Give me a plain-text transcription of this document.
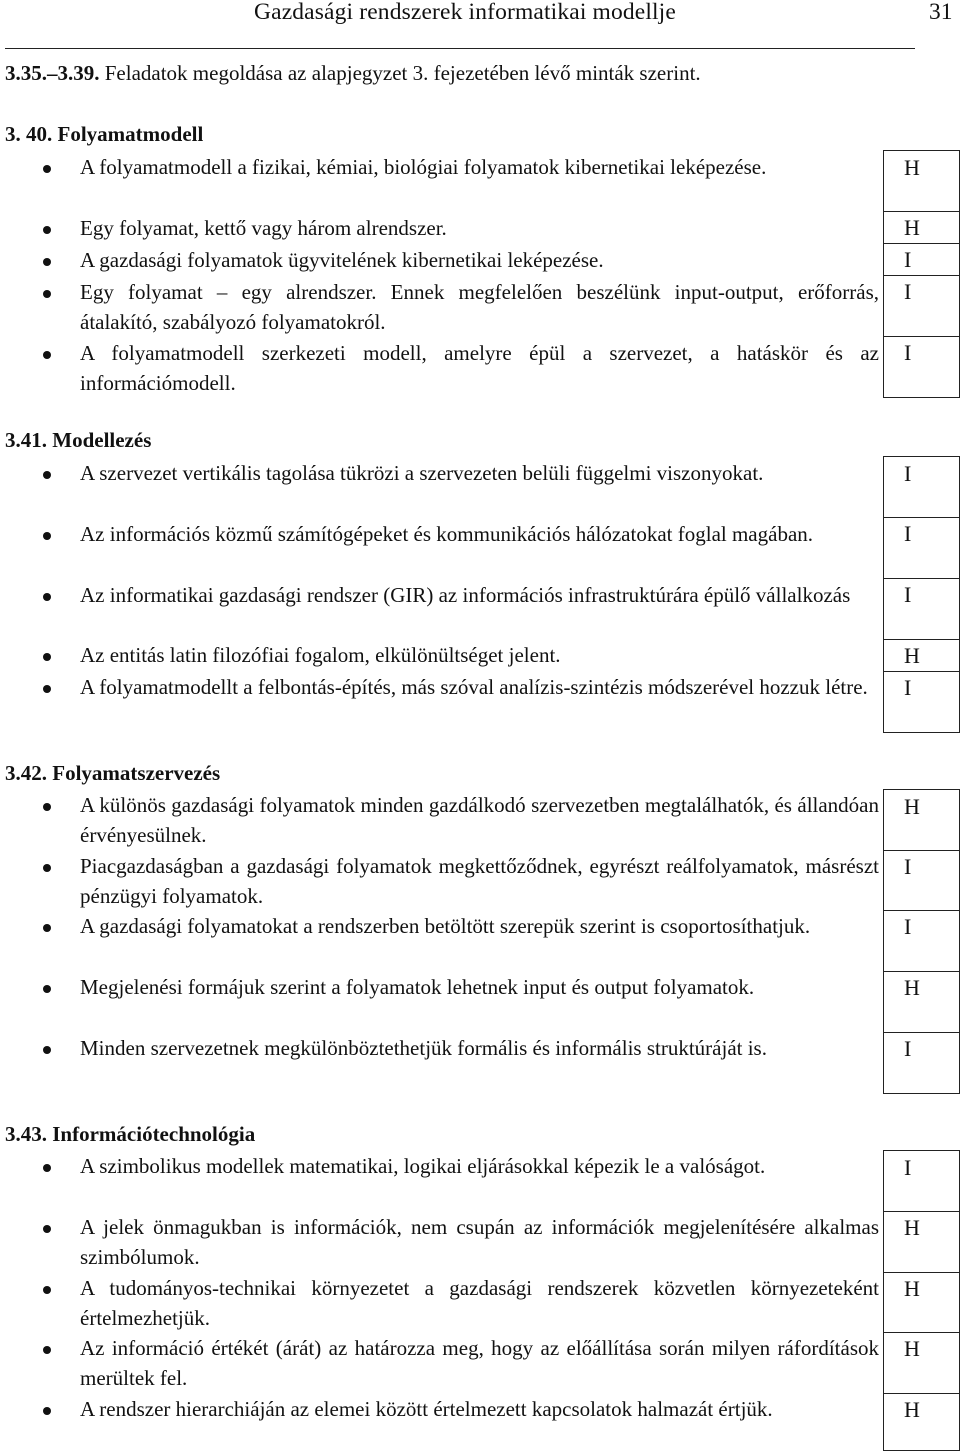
Gazdasági rendszerek informatikai modellje	31
3.35.–3.39. Feladatok megoldása az alapjegyzet 3. fejezetében lévő minták szerint.
3. 40. Folyamatmodell
A folyamatmodell a fizikai, kémiai, biológiai folyamatok kibernetikai leképezése.
Egy folyamat, kettő vagy három alrendszer.
A gazdasági folyamatok ügyvitelének kibernetikai leképezése.
Egy folyamat – egy alrendszer. Ennek megfelelően beszélünk input-output, erőforrás, átalakító, szabályozó folyamatokról.
A folyamatmodell szerkezeti modell, amelyre épül a szervezet, a hatáskör és az információmodell.
H
H
I
I
I
3.41. Modellezés
A szervezet vertikális tagolása tükrözi a szervezeten belüli függelmi viszonyokat.
Az információs közmű számítógépeket és kommunikációs hálózatokat foglal magában.
Az informatikai gazdasági rendszer (GIR) az információs infrastruktúrára épülő vállalkozás
Az entitás latin filozófiai fogalom, elkülönültséget jelent.
A folyamatmodellt a felbontás-építés, más szóval analízis-szintézis módszerével hozzuk létre.
I
I
I
H
I
3.42. Folyamatszervezés
A különös gazdasági folyamatok minden gazdálkodó szervezetben megtalálhatók, és állandóan érvényesülnek.
Piacgazdaságban a gazdasági folyamatok megkettőződnek, egyrészt reálfolyamatok, másrészt pénzügyi folyamatok.
A gazdasági folyamatokat a rendszerben betöltött szerepük szerint is csoportosíthatjuk.
Megjelenési formájuk szerint a folyamatok lehetnek input és output folyamatok.
Minden szervezetnek megkülönböztethetjük formális és informális struktúráját is.
H
I
I
H
I
3.43. Információtechnológia
A szimbolikus modellek matematikai, logikai eljárásokkal képezik le a valóságot.
A jelek önmagukban is információk, nem csupán az információk megjelenítésére alkalmas szimbólumok.
A tudományos-technikai környezetet a gazdasági rendszerek közvetlen környezeteként értelmezhetjük.
Az információ értékét (árát) az határozza meg, hogy az előállítása során milyen ráfordítások merültek fel.
A rendszer hierarchiáján az elemei között értelmezett kapcsolatok halmazát értjük.
I
H
H
H
H
